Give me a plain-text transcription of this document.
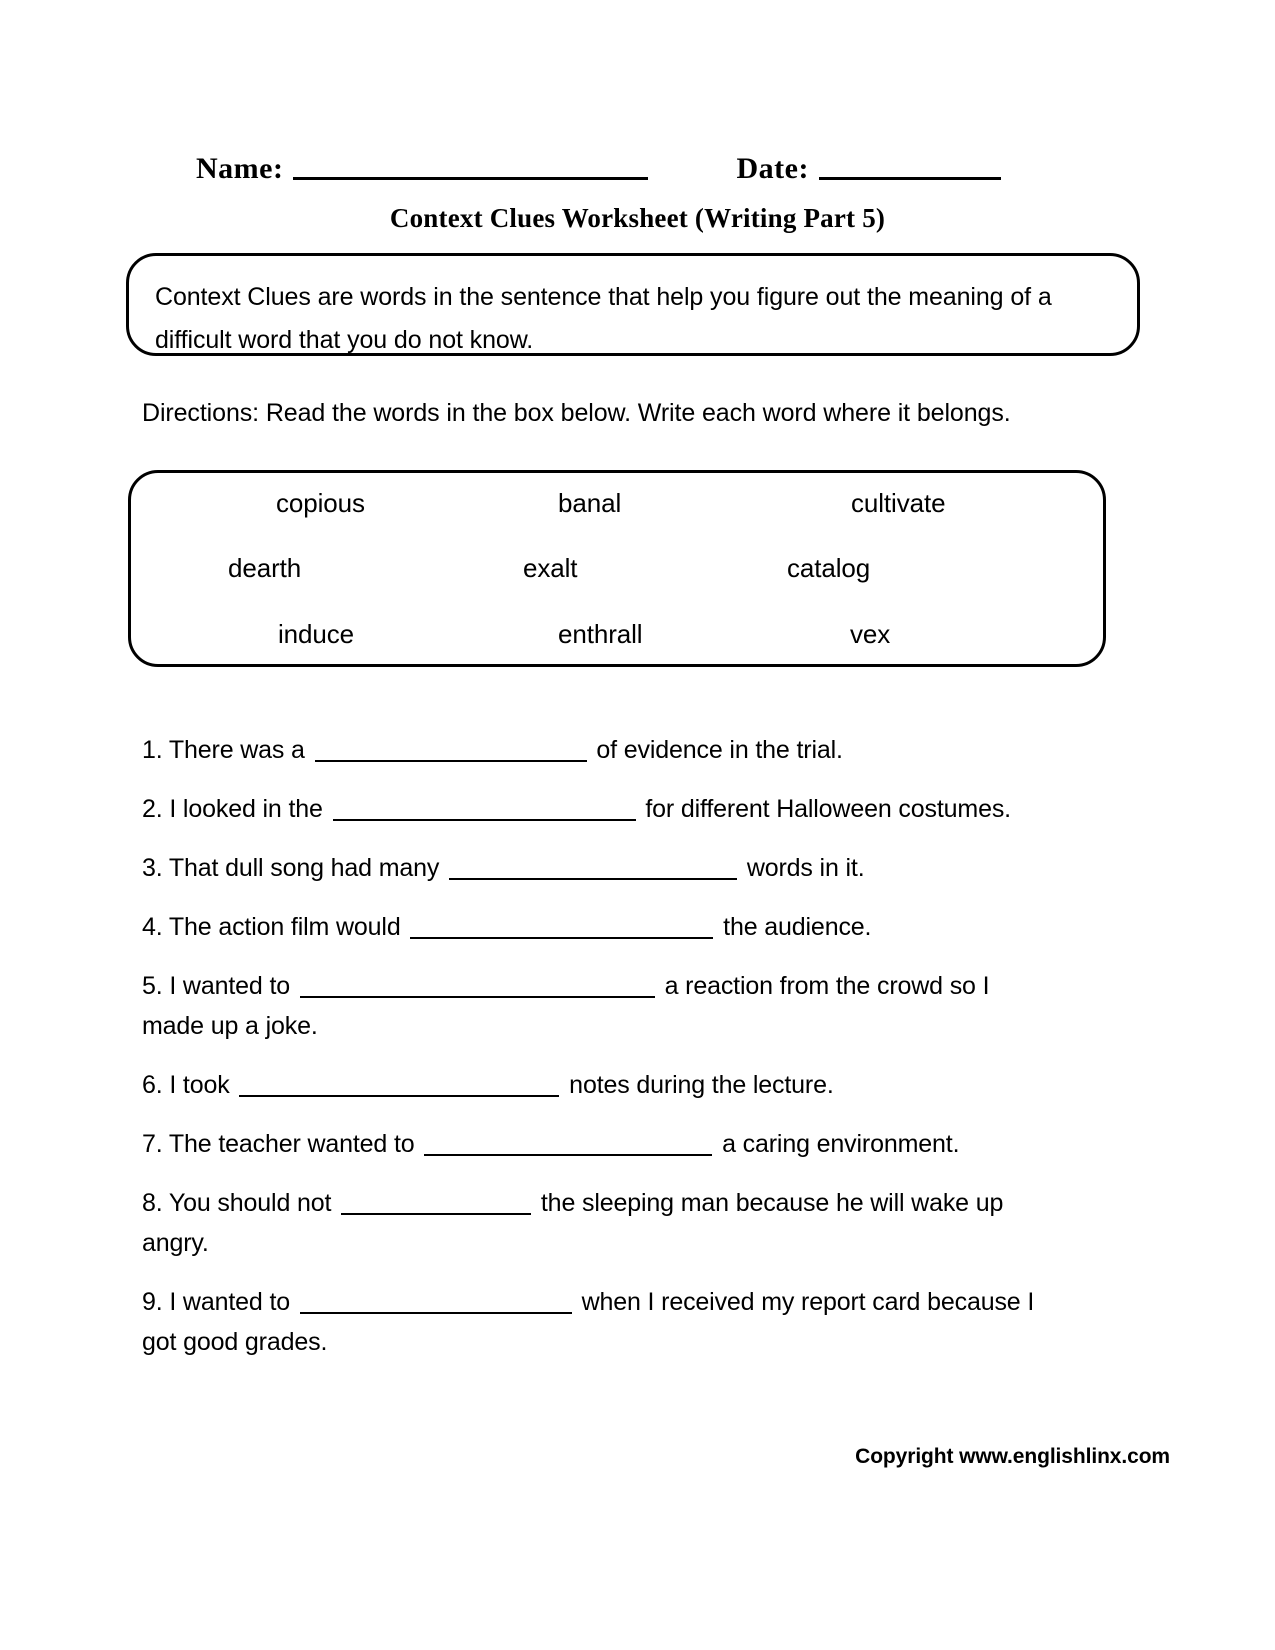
Name:	Date:
Context Clues Worksheet (Writing Part 5)
Context Clues are words in the sentence that help you figure out the meaning of a
difficult word that you do not know.
Directions: Read the words in the box below. Write each word where it belongs.
copious	banal	cultivate
dearth	exalt	catalog
induce	enthrall	vex
1. There was a	of evidence in the trial.
2. I looked in the	for different Halloween costumes.
3. That dull song had many	words in it.
4. The action film would	the audience.
5. I wanted to	a reaction from the crowd so I
made up a joke.
6. I took	notes during the lecture.
7. The teacher wanted to	a caring environment.
8. You should not	the sleeping man because he will wake up
angry.
9. I wanted to	when I received my report card because I
got good grades.
Copyright www.englishlinx.com
